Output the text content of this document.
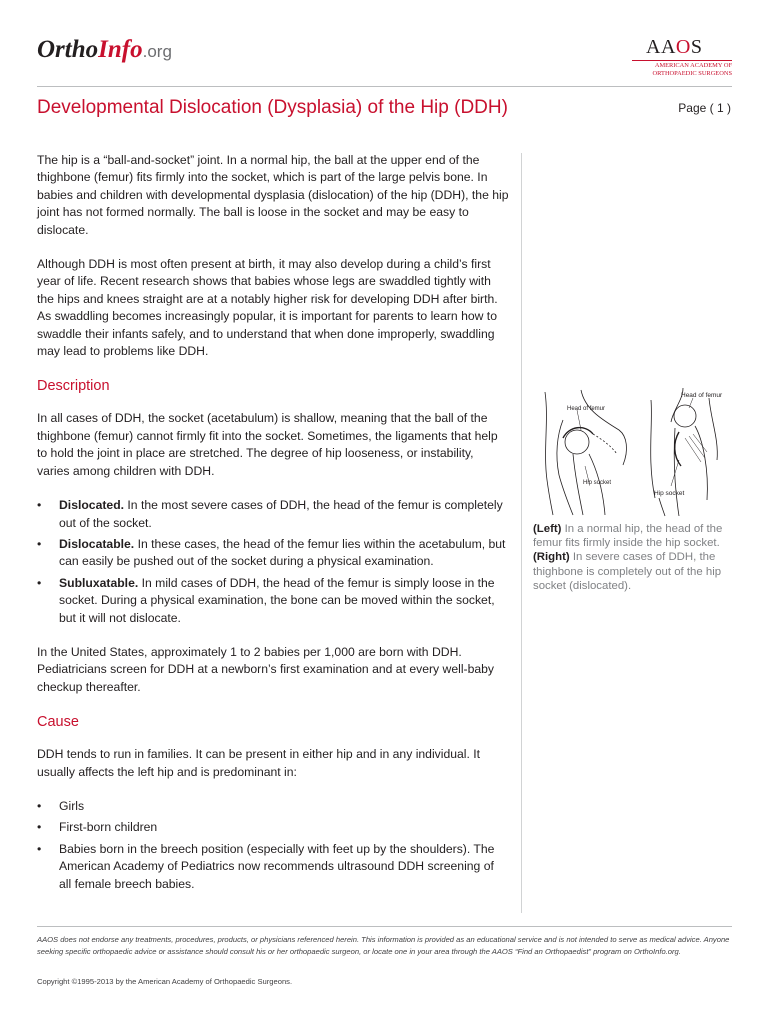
OrthoInfo.org	AAOS
AMERICAN ACADEMY OF
ORTHOPAEDIC SURGEONS
Developmental Dislocation (Dysplasia) of the Hip (DDH)	Page ( 1 )

The hip is a “ball-and-socket” joint. In a normal hip, the ball at the upper end of the thighbone (femur) fits firmly into the socket, which is part of the large pelvis bone. In babies and children with developmental dysplasia (dislocation) of the hip (DDH), the hip joint has not formed normally. The ball is loose in the socket and may be easy to dislocate.

Although DDH is most often present at birth, it may also develop during a child’s first year of life. Recent research shows that babies whose legs are swaddled tightly with the hips and knees straight are at a notably higher risk for developing DDH after birth. As swaddling becomes increasingly popular, it is important for parents to learn how to swaddle their infants safely, and to understand that when done improperly, swaddling may lead to problems like DDH.

Description

In all cases of DDH, the socket (acetabulum) is shallow, meaning that the ball of the thighbone (femur) cannot firmly fit into the socket. Sometimes, the ligaments that help to hold the joint in place are stretched. The degree of hip looseness, or instability, varies among children with DDH.

• Dislocated. In the most severe cases of DDH, the head of the femur is completely out of the socket.
• Dislocatable. In these cases, the head of the femur lies within the acetabulum, but can easily be pushed out of the socket during a physical examination.
• Subluxatable. In mild cases of DDH, the head of the femur is simply loose in the socket. During a physical examination, the bone can be moved within the socket, but it will not dislocate.

In the United States, approximately 1 to 2 babies per 1,000 are born with DDH. Pediatricians screen for DDH at a newborn’s first examination and at every well-baby checkup thereafter.

Cause

DDH tends to run in families. It can be present in either hip and in any individual. It usually affects the left hip and is predominant in:

• Girls
• First-born children
• Babies born in the breech position (especially with feet up by the shoulders). The American Academy of Pediatrics now recommends ultrasound DDH screening of all female breech babies.
Head of femur
Hip socket
Head of femur
Hip socket
(Left) In a normal hip, the head of the femur fits firmly inside the hip socket.
(Right) In severe cases of DDH, the thighbone is completely out of the hip socket (dislocated).
AAOS does not endorse any treatments, procedures, products, or physicians referenced herein. This information is provided as an educational service and is not intended to serve as medical advice. Anyone seeking specific orthopaedic advice or assistance should consult his or her orthopaedic surgeon, or locate one in your area through the AAOS “Find an Orthopaedist” program on OrthoInfo.org.
Copyright ©1995-2013 by the American Academy of Orthopaedic Surgeons.
